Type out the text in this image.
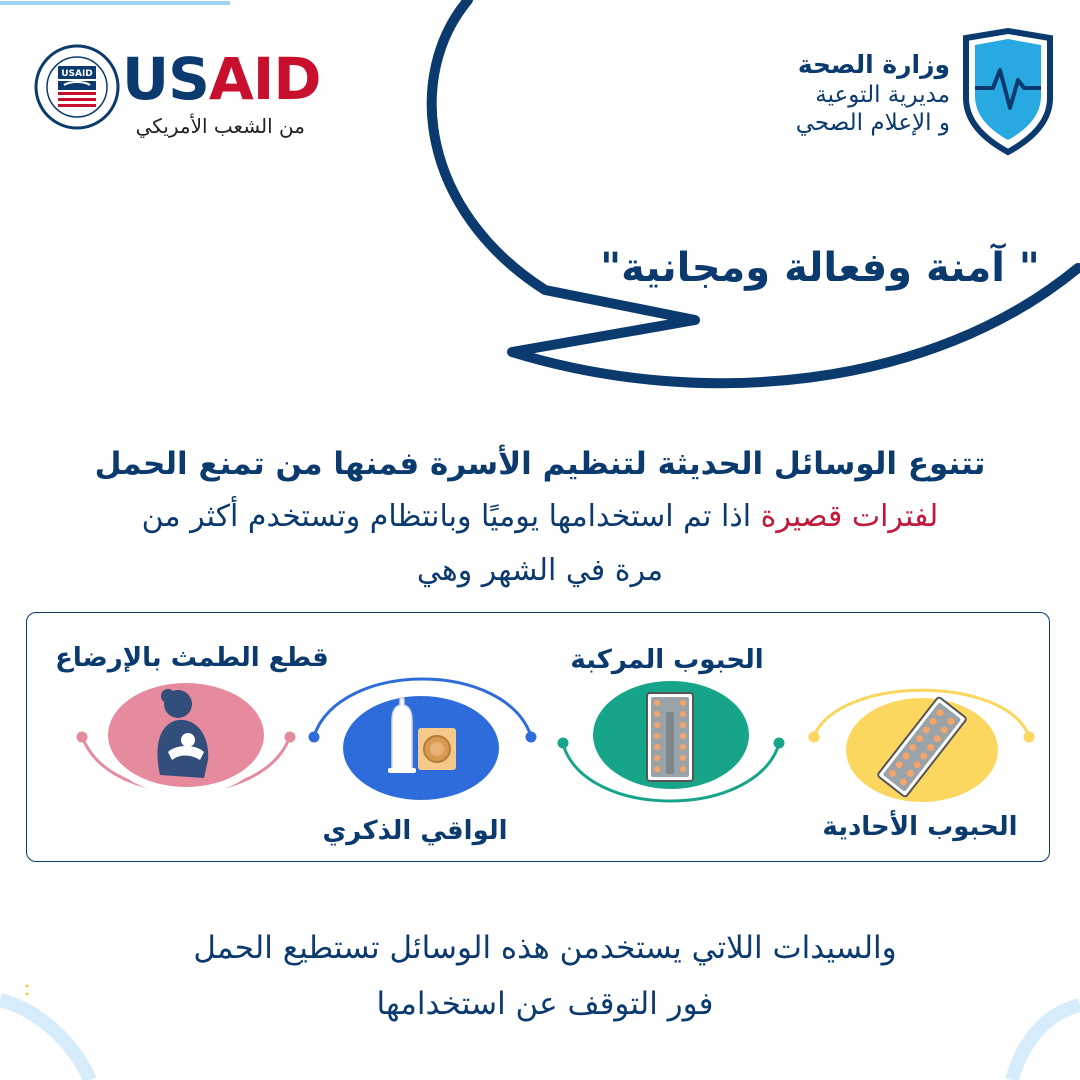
USAID USAID
من الشعب الأمريكي
وزارة الصحة
مديرية التوعية
و الإعلام الصحي
" آمنة وفعالة ومجانية"
تتنوع الوسائل الحديثة لتنظيم الأسرة فمنها من تمنع الحمل
لفترات قصيرة اذا تم استخدامها يوميًا وبانتظام وتستخدم أكثر من
مرة في الشهر وهي
الحبوب الأحادية
الحبوب المركبة
الواقي الذكري
قطع الطمث بالإرضاع
والسيدات اللاتي يستخدمن هذه الوسائل تستطيع الحمل
فور التوقف عن استخدامها
